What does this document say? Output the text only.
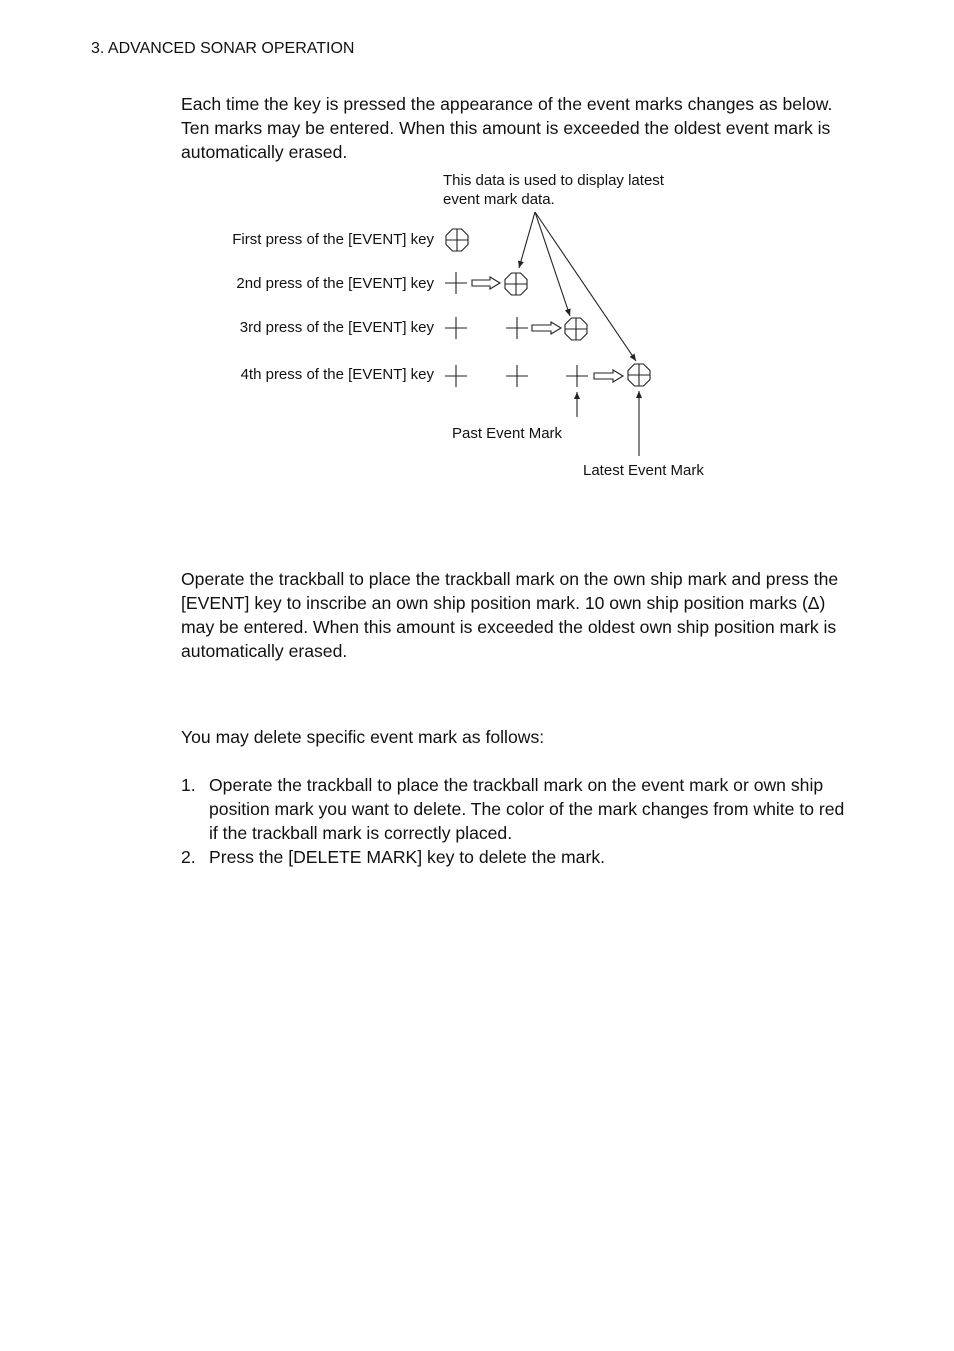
3. ADVANCED SONAR OPERATION

Each time the key is pressed the appearance of the event marks changes as below. Ten marks may be entered. When this amount is exceeded the oldest event mark is automatically erased.

This data is used to display latest
event mark data.
First press of the [EVENT] key
2nd press of the [EVENT] key
3rd press of the [EVENT] key
4th press of the [EVENT] key
Past Event Mark
Latest Event Mark

Operate the trackball to place the trackball mark on the own ship mark and press the [EVENT] key to inscribe an own ship position mark. 10 own ship position marks (Δ) may be entered. When this amount is exceeded the oldest own ship position mark is automatically erased.

You may delete specific event mark as follows:

1. Operate the trackball to place the trackball mark on the event mark or own ship position mark you want to delete. The color of the mark changes from white to red if the trackball mark is correctly placed.
2. Press the [DELETE MARK] key to delete the mark.
